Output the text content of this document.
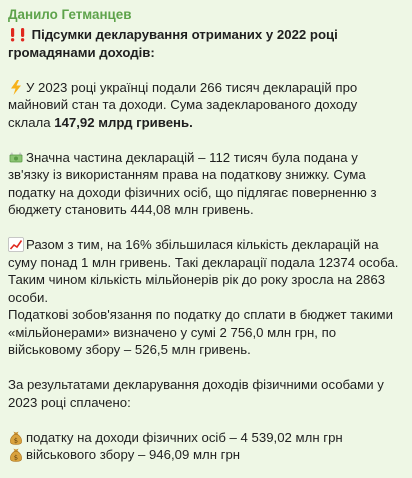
Данило Гетманцев

Підсумки декларування отриманих у 2022 році громадянами доходів:

У 2023 році українці подали 266 тисяч декларацій про майновий стан та доходи. Сума задекларованого доходу склала 147,92 млрд гривень.

Значна частина декларацій – 112 тисяч була подана у зв'язку із використанням права на податкову знижку. Сума податку на доходи фізичних осіб, що підлягає поверненню з бюджету становить 444,08 млн гривень.

Разом з тим, на 16% збільшилася кількість декларацій на суму понад 1 млн гривень. Такі декларації подала 12374 особа. Таким чином кількість мільйонерів рік до року зросла на 2863 особи.

Податкові зобов'язання по податку до сплати в бюджет такими «мільйонерами» визначено у сумі 2 756,0 млн грн, по військовому збору – 526,5 млн гривень.

За результатами декларування доходів фізичними особами у 2023 році сплачено:

$ податку на доходи фізичних осіб – 4 539,02 млн грн

$ військового збору – 946,09 млн грн
